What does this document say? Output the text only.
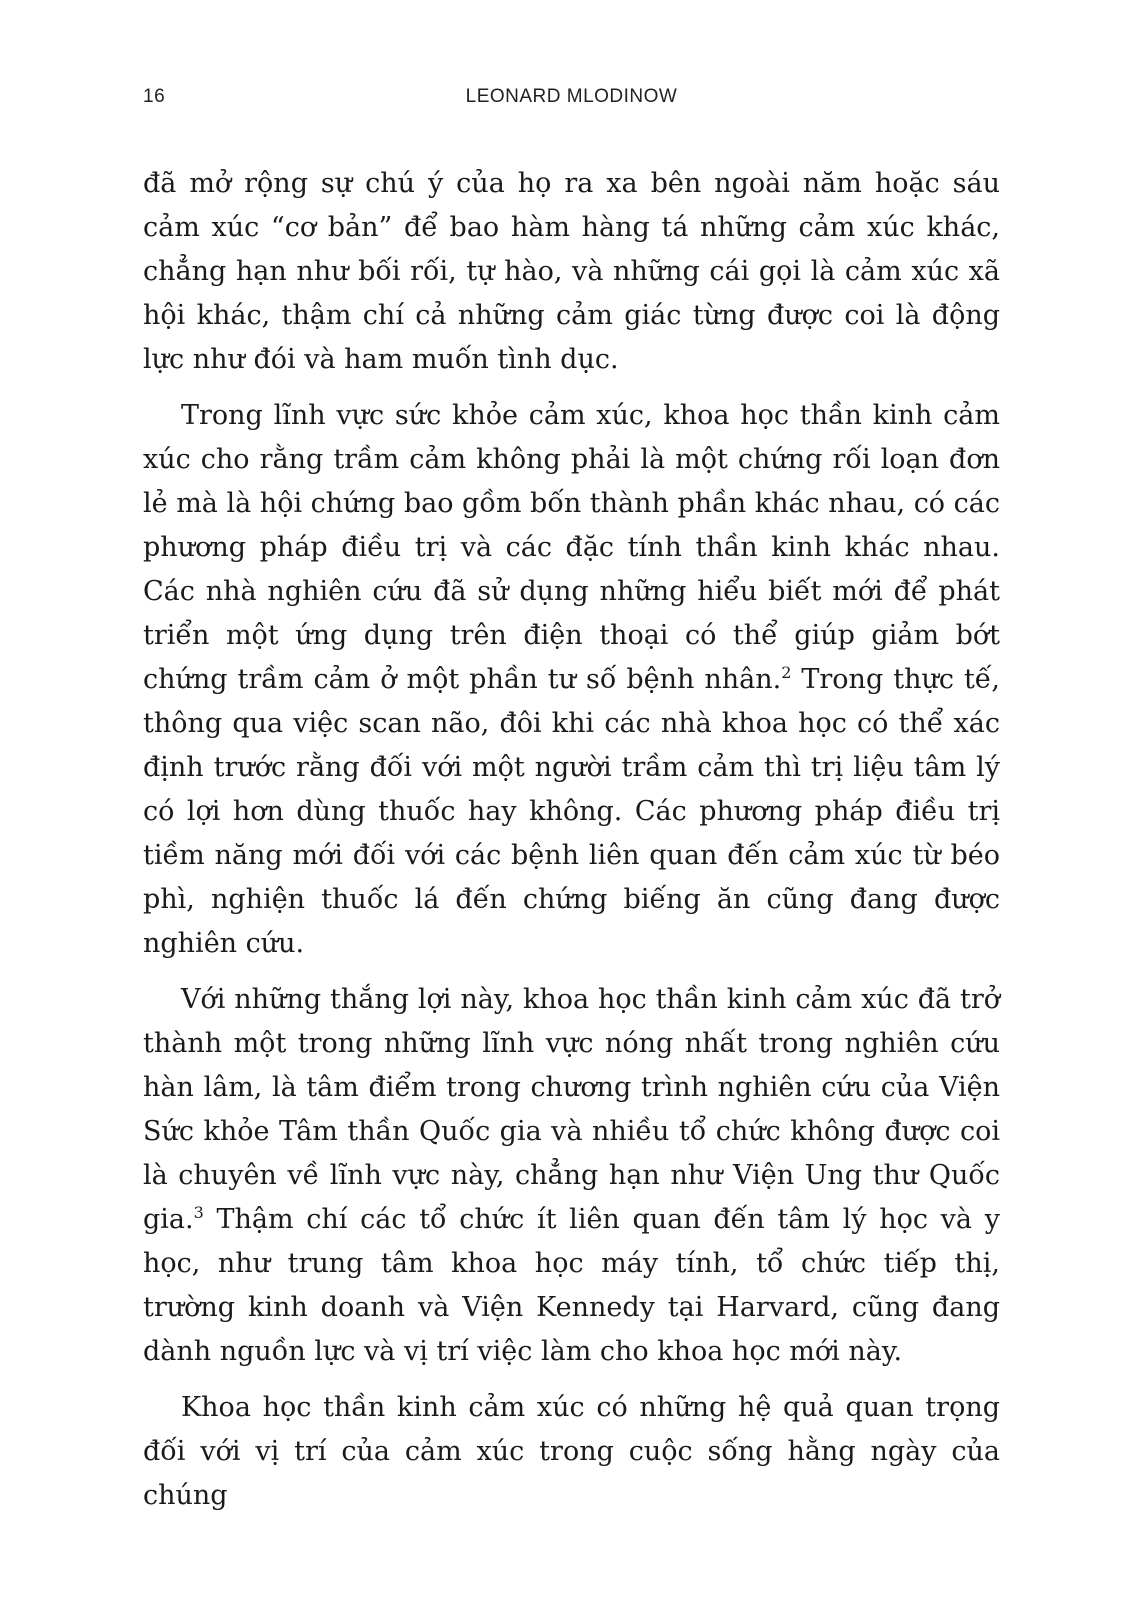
16	LEONARD MLODINOW

đã mở rộng sự chú ý của họ ra xa bên ngoài năm hoặc sáu cảm xúc “cơ bản” để bao hàm hàng tá những cảm xúc khác, chẳng hạn như bối rối, tự hào, và những cái gọi là cảm xúc xã hội khác, thậm chí cả những cảm giác từng được coi là động lực như đói và ham muốn tình dục.

Trong lĩnh vực sức khỏe cảm xúc, khoa học thần kinh cảm xúc cho rằng trầm cảm không phải là một chứng rối loạn đơn lẻ mà là hội chứng bao gồm bốn thành phần khác nhau, có các phương pháp điều trị và các đặc tính thần kinh khác nhau. Các nhà nghiên cứu đã sử dụng những hiểu biết mới để phát triển một ứng dụng trên điện thoại có thể giúp giảm bớt chứng trầm cảm ở một phần tư số bệnh nhân.$^2$ Trong thực tế, thông qua việc scan não, đôi khi các nhà khoa học có thể xác định trước rằng đối với một người trầm cảm thì trị liệu tâm lý có lợi hơn dùng thuốc hay không. Các phương pháp điều trị tiềm năng mới đối với các bệnh liên quan đến cảm xúc từ béo phì, nghiện thuốc lá đến chứng biếng ăn cũng đang được nghiên cứu.

Với những thắng lợi này, khoa học thần kinh cảm xúc đã trở thành một trong những lĩnh vực nóng nhất trong nghiên cứu hàn lâm, là tâm điểm trong chương trình nghiên cứu của Viện Sức khỏe Tâm thần Quốc gia và nhiều tổ chức không được coi là chuyên về lĩnh vực này, chẳng hạn như Viện Ung thư Quốc gia.$^3$ Thậm chí các tổ chức ít liên quan đến tâm lý học và y học, như trung tâm khoa học máy tính, tổ chức tiếp thị, trường kinh doanh và Viện Kennedy tại Harvard, cũng đang dành nguồn lực và vị trí việc làm cho khoa học mới này.

Khoa học thần kinh cảm xúc có những hệ quả quan trọng đối với vị trí của cảm xúc trong cuộc sống hằng ngày của chúng
